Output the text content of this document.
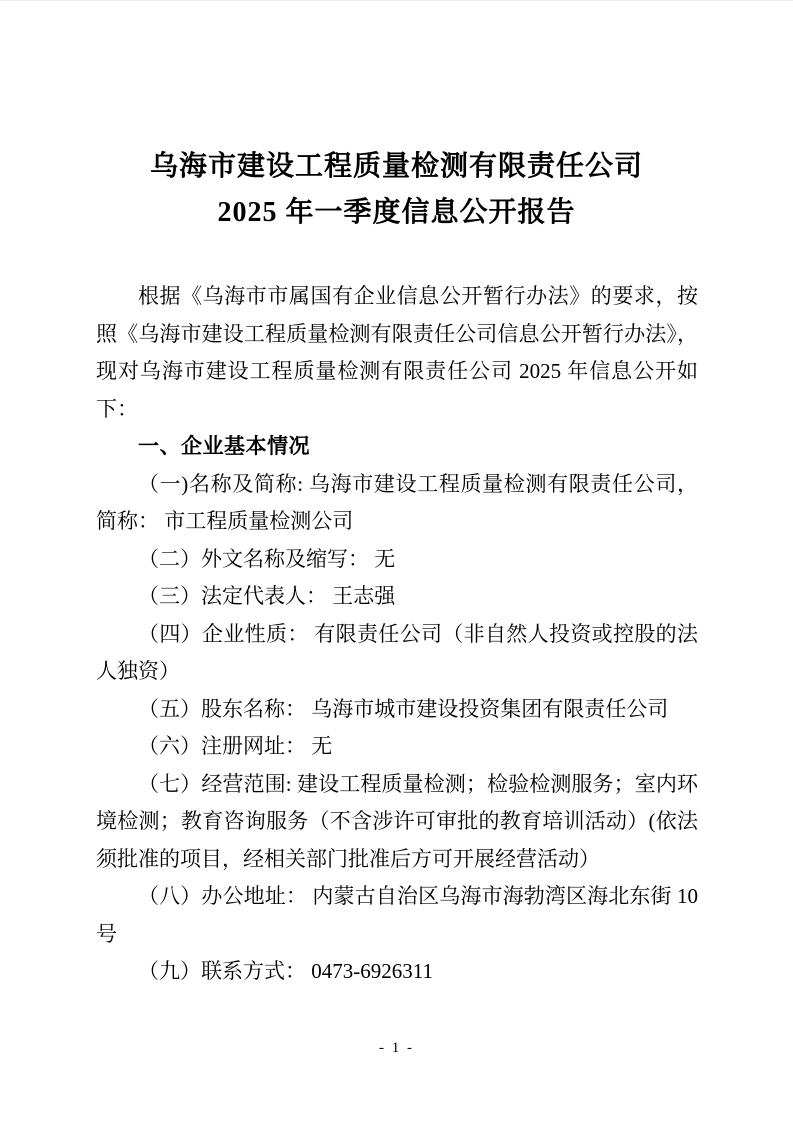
乌海市建设工程质量检测有限责任公司
2025 年一季度信息公开报告

根据《乌海市市属国有企业信息公开暂行办法》的要求，按照《乌海市建设工程质量检测有限责任公司信息公开暂行办法》，现对乌海市建设工程质量检测有限责任公司 2025 年信息公开如下：

一、企业基本情况

（一)名称及简称: 乌海市建设工程质量检测有限责任公司，简称： 市工程质量检测公司

（二）外文名称及缩写： 无

（三）法定代表人： 王志强

（四）企业性质： 有限责任公司（非自然人投资或控股的法人独资）

（五）股东名称： 乌海市城市建设投资集团有限责任公司

（六）注册网址： 无

（七）经营范围: 建设工程质量检测；检验检测服务；室内环境检测；教育咨询服务（不含涉许可审批的教育培训活动）(依法须批准的项目，经相关部门批准后方可开展经营活动）

（八）办公地址： 内蒙古自治区乌海市海勃湾区海北东街 10 号

（九）联系方式： 0473-6926311

- 1 -
